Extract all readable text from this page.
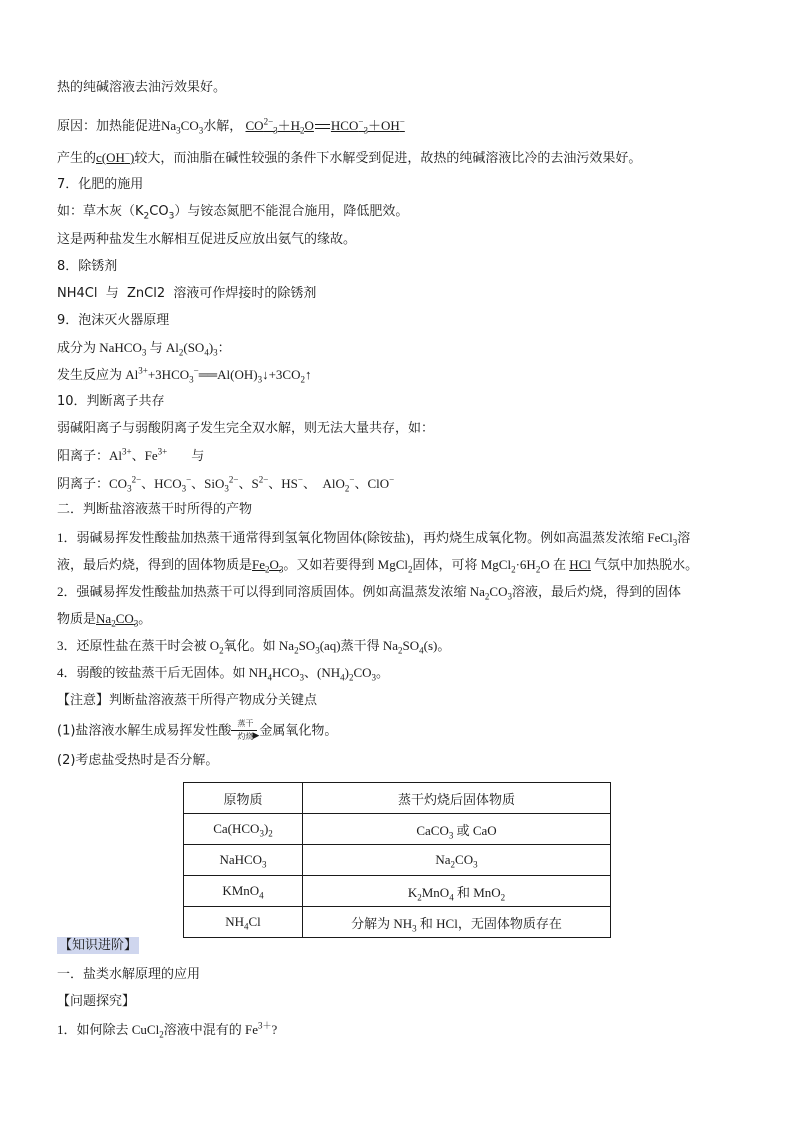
热的纯碱溶液去油污效果好。
原因：加热能促进$Na_3CO_3$水解， $CO^{2-}_3+H_2O$ $HCO^-_3+OH^-$
产生的c(OH−)较大，而油脂在碱性较强的条件下水解受到促进，故热的纯碱溶液比冷的去油污效果好。
7．化肥的施用
如：草木灰$(K_2CO_3)$与铵态氮肥不能混合施用，降低肥效。
这是两种盐发生水解相互促进反应放出氨气的缘故。
8．除锈剂
NH4Cl  与  ZnCl2  溶液可作焊接时的除锈剂
9．泡沫灭火器原理
成分为 NaHCO$_3$ 与 $Al_2(SO_4)_3$：
发生反应为 $Al^{3+}+3HCO_3^-══Al(OH)_3↓+3CO_2↑$
10．判断离子共存
弱碱阳离子与弱酸阴离子发生完全双水解，则无法大量共存，如：
阳离子：$Al^{3+}$、$Fe^{3+}$ 与
阴离子：$CO_3^{2-}$、$HCO_3^-$、SiO$_3^{2-}$、$S^{2-}$、HS−、  AlO$_2$−、ClO−
二．判断盐溶液蒸干时所得的产物
1．弱碱易挥发性酸盐加热蒸干通常得到氢氧化物固体(除铵盐)，再灼烧生成氧化物。例如高温蒸发浓缩 FeCl$_3$溶
液，最后灼烧，得到的固体物质是$Fe_2O_3$。又如若要得到 MgCl$_2$固体，可将 $MgCl_2\cdot 6H_2O$ 在 HCl 气氛中加热脱水。
2．强碱易挥发性酸盐加热蒸干可以得到同溶质固体。例如高温蒸发浓缩 $Na_2CO_3$溶液，最后灼烧，得到的固体
物质是$Na_2CO_3$。
3．还原性盐在蒸干时会被 $O_2$氧化。如 $Na_2SO_3(aq)$蒸干得 $Na_2SO_4(s)$。
4．弱酸的铵盐蒸干后无固体。如 $NH_4HCO_3$、$(NH_4)_2CO_3$。
【注意】判断盐溶液蒸干所得产物成分关键点
(1)盐溶液水解生成易挥发性酸 蒸干
▶
灼烧 金属氧化物。
(2)考虑盐受热时是否分解。
【知识进阶】
一．盐类水解原理的应用
【问题探究】
1．如何除去 CuCl$_2$溶液中混有的 $Fe^{3+}$?
原物质	蒸干灼烧后固体物质
$Ca(HCO_3)_2$	CaCO$_3$ 或 CaO
NaHCO$_3$	$Na_2CO_3$
KMnO$_4$	$K_2MnO_4$ 和 MnO$_2$
$NH_4Cl$	分解为 $NH_3$ 和 HCl，无固体物质存在
